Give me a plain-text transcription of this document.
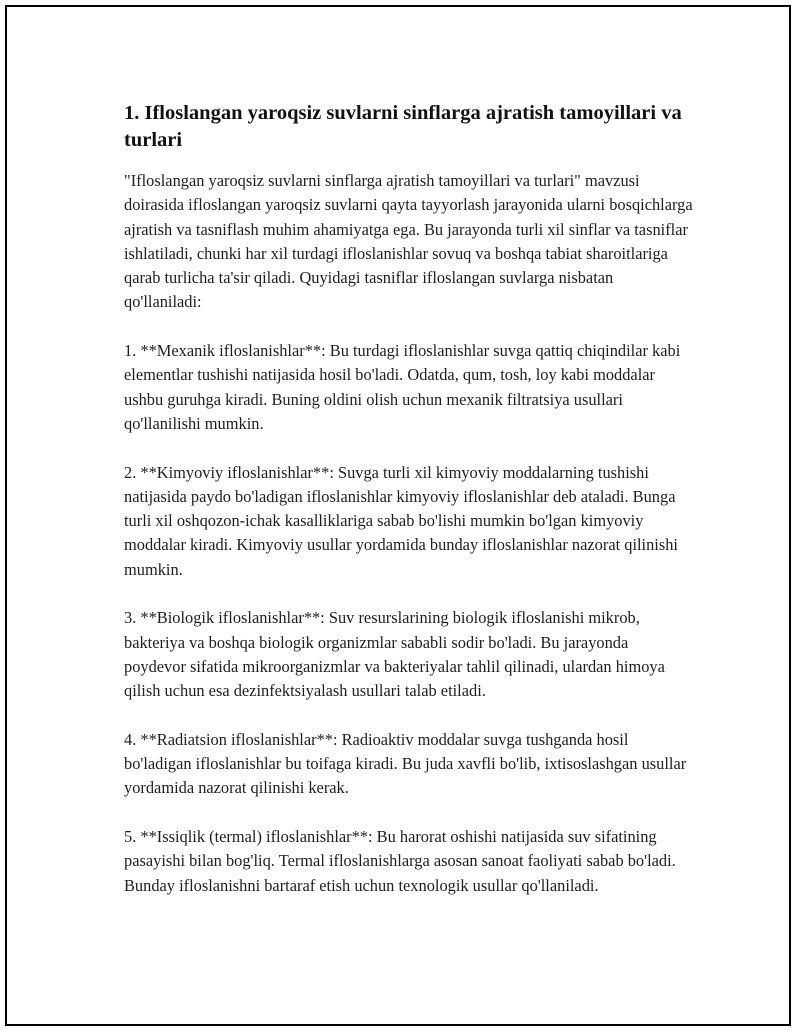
1. Ifloslangan yaroqsiz suvlarni sinflarga ajratish tamoyillari va turlari

"Ifloslangan yaroqsiz suvlarni sinflarga ajratish tamoyillari va turlari" mavzusi doirasida ifloslangan yaroqsiz suvlarni qayta tayyorlash jarayonida ularni bosqichlarga ajratish va tasniflash muhim ahamiyatga ega. Bu jarayonda turli xil sinflar va tasniflar ishlatiladi, chunki har xil turdagi ifloslanishlar sovuq va boshqa tabiat sharoitlariga qarab turlicha ta'sir qiladi. Quyidagi tasniflar ifloslangan suvlarga nisbatan qo'llaniladi:

1. **Mexanik ifloslanishlar**: Bu turdagi ifloslanishlar suvga qattiq chiqindilar kabi elementlar tushishi natijasida hosil bo'ladi. Odatda, qum, tosh, loy kabi moddalar ushbu guruhga kiradi. Buning oldini olish uchun mexanik filtratsiya usullari qo'llanilishi mumkin.

2. **Kimyoviy ifloslanishlar**: Suvga turli xil kimyoviy moddalarning tushishi natijasida paydo bo'ladigan ifloslanishlar kimyoviy ifloslanishlar deb ataladi. Bunga turli xil oshqozon-ichak kasalliklariga sabab bo'lishi mumkin bo'lgan kimyoviy moddalar kiradi. Kimyoviy usullar yordamida bunday ifloslanishlar nazorat qilinishi mumkin.

3. **Biologik ifloslanishlar**: Suv resurslarining biologik ifloslanishi mikrob, bakteriya va boshqa biologik organizmlar sababli sodir bo'ladi. Bu jarayonda poydevor sifatida mikroorganizmlar va bakteriyalar tahlil qilinadi, ulardan himoya qilish uchun esa dezinfektsiyalash usullari talab etiladi.

4. **Radiatsion ifloslanishlar**: Radioaktiv moddalar suvga tushganda hosil bo'ladigan ifloslanishlar bu toifaga kiradi. Bu juda xavfli bo'lib, ixtisoslashgan usullar yordamida nazorat qilinishi kerak.

5. **Issiqlik (termal) ifloslanishlar**: Bu harorat oshishi natijasida suv sifatining pasayishi bilan bog'liq. Termal ifloslanishlarga asosan sanoat faoliyati sabab bo'ladi. Bunday ifloslanishni bartaraf etish uchun texnologik usullar qo'llaniladi.
